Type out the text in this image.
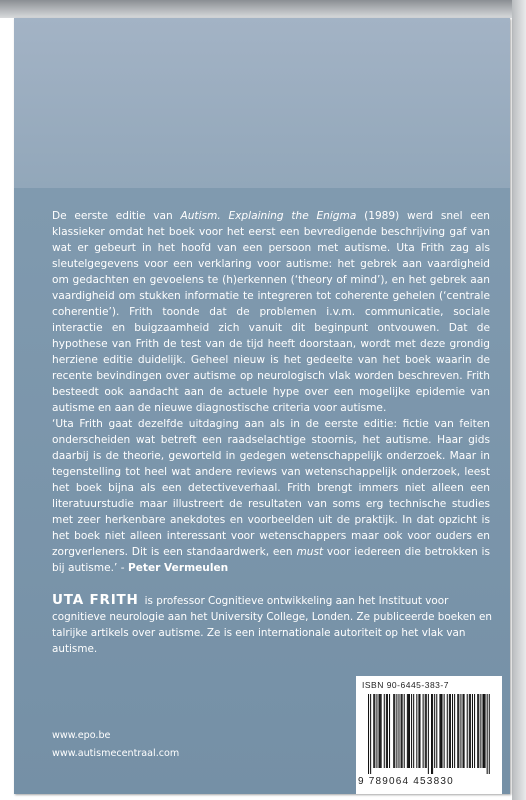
De eerste editie van Autism. Explaining the Enigma (1989) werd snel een klassieker omdat het boek voor het eerst een bevredigende beschrijving gaf van wat er gebeurt in het hoofd van een persoon met autisme. Uta Frith zag als sleutelgegevens voor een verklaring voor autisme: het gebrek aan vaardigheid om gedachten en gevoelens te (h)erkennen (‘theory of mind’), en het gebrek aan vaardigheid om stukken informatie te integreren tot coherente gehelen (‘centrale coherentie’). Frith toonde dat de problemen i.v.m. communicatie, sociale interactie en buigzaamheid zich vanuit dit beginpunt ontvouwen. Dat de hypothese van Frith de test van de tijd heeft doorstaan, wordt met deze grondig herziene editie duidelijk. Geheel nieuw is het gedeelte van het boek waarin de recente bevindingen over autisme op neurologisch vlak worden beschreven. Frith besteedt ook aandacht aan de actuele hype over een mogelijke epidemie van autisme en aan de nieuwe diagnostische criteria voor autisme.

‘Uta Frith gaat dezelfde uitdaging aan als in de eerste editie: fictie van feiten onderscheiden wat betreft een raadselachtige stoornis, het autisme. Haar gids daarbij is de theorie, geworteld in gedegen wetenschappelijk onderzoek. Maar in tegenstelling tot heel wat andere reviews van wetenschappelijk onderzoek, leest het boek bijna als een detectiveverhaal. Frith brengt immers niet alleen een literatuurstudie maar illustreert de resultaten van soms erg technische studies met zeer herkenbare anekdotes en voorbeelden uit de praktijk. In dat opzicht is het boek niet alleen interessant voor wetenschappers maar ook voor ouders en zorgverleners. Dit is een standaardwerk, een must voor iedereen die betrokken is bij autisme.’ - Peter Vermeulen

UTA FRITH is professor Cognitieve ontwikkeling aan het Instituut voor cognitieve neurologie aan het University College, Londen. Ze publiceerde boeken en talrijke artikels over autisme. Ze is een internationale autoriteit op het vlak van autisme.
www.epo.be
www.autismecentraal.com
ISBN 90-6445-383-7
9 789064 453830
